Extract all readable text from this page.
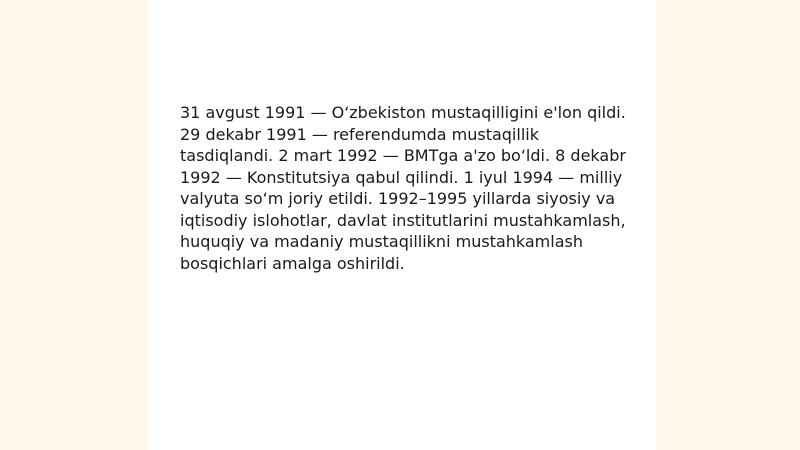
31 avgust 1991 — O‘zbekiston mustaqilligini e'lon qildi. 29 dekabr 1991 — referendumda mustaqillik tasdiqlandi. 2 mart 1992 — BMTga a'zo bo‘ldi. 8 dekabr 1992 — Konstitutsiya qabul qilindi. 1 iyul 1994 — milliy valyuta so‘m joriy etildi. 1992–1995 yillarda siyosiy va iqtisodiy islohotlar, davlat institutlarini mustahkamlash, huquqiy va madaniy mustaqillikni mustahkamlash bosqichlari amalga oshirildi.
